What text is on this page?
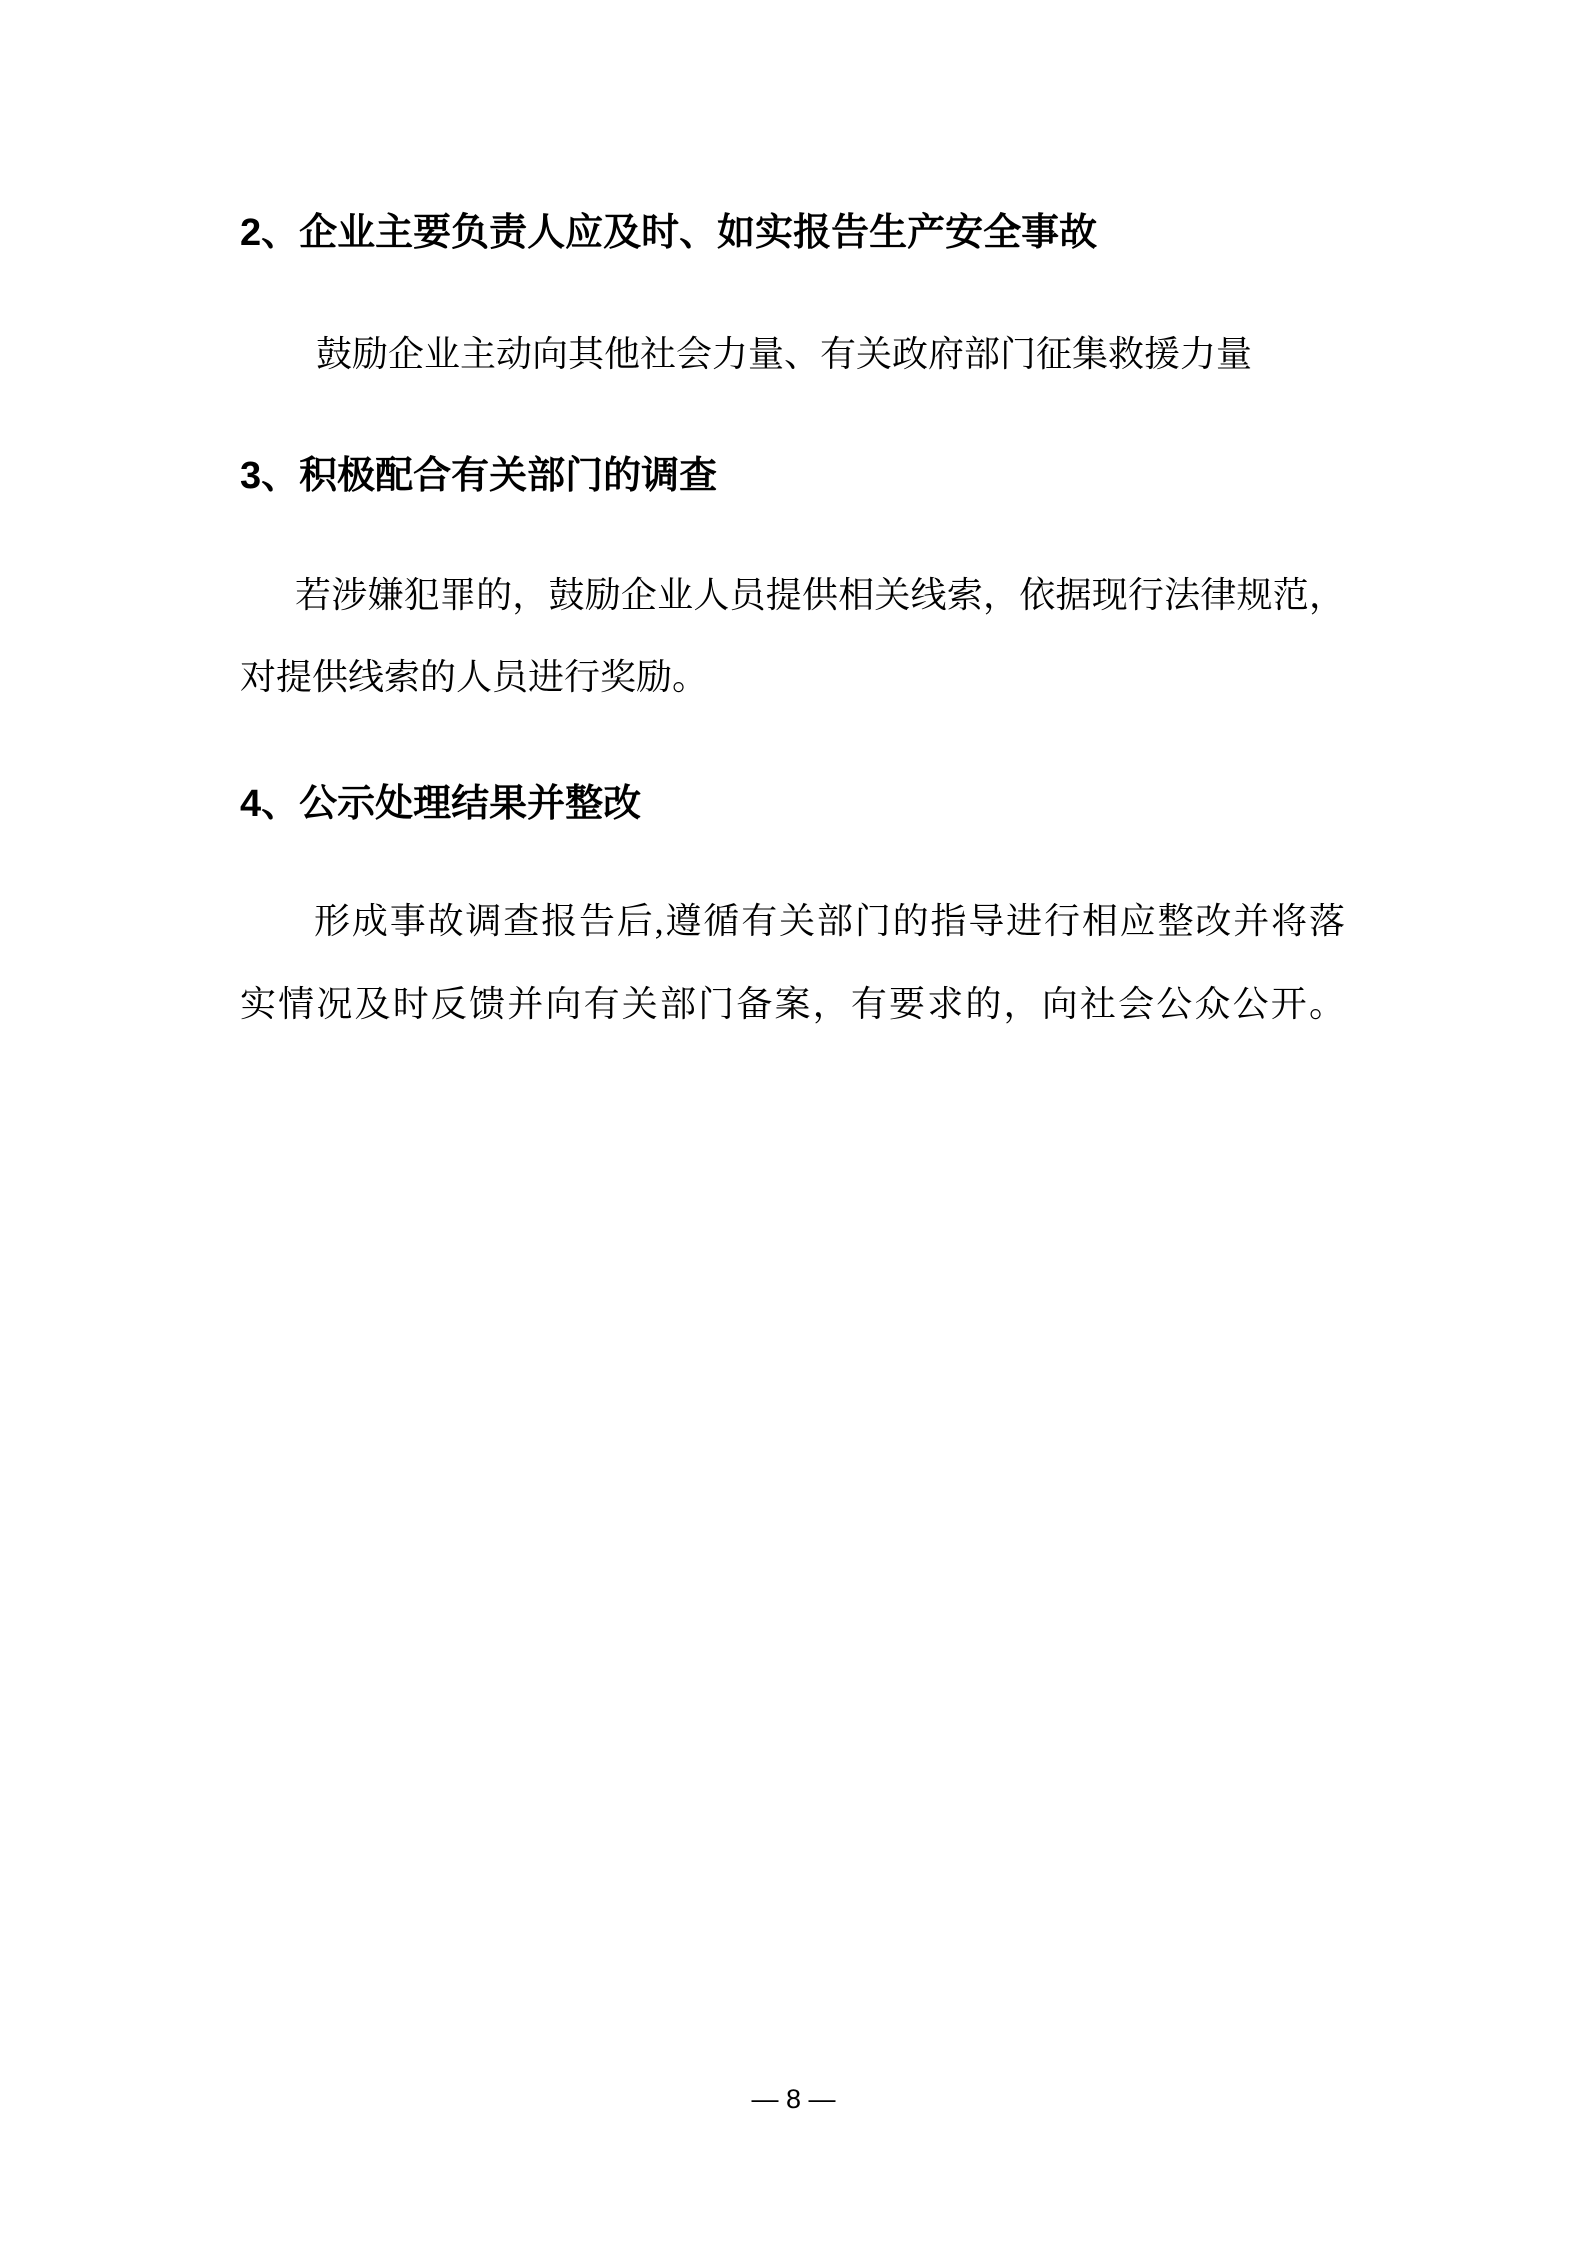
2、企业主要负责人应及时、如实报告生产安全事故
鼓励企业主动向其他社会力量、有关政府部门征集救援力量
3、积极配合有关部门的调查
若涉嫌犯罪的，鼓励企业人员提供相关线索，依据现行法律规范，
对提供线索的人员进行奖励。
4、公示处理结果并整改
形成事故调查报告后,遵循有关部门的指导进行相应整改并将落
实情况及时反馈并向有关部门备案，有要求的，向社会公众公开。
— 8 —
